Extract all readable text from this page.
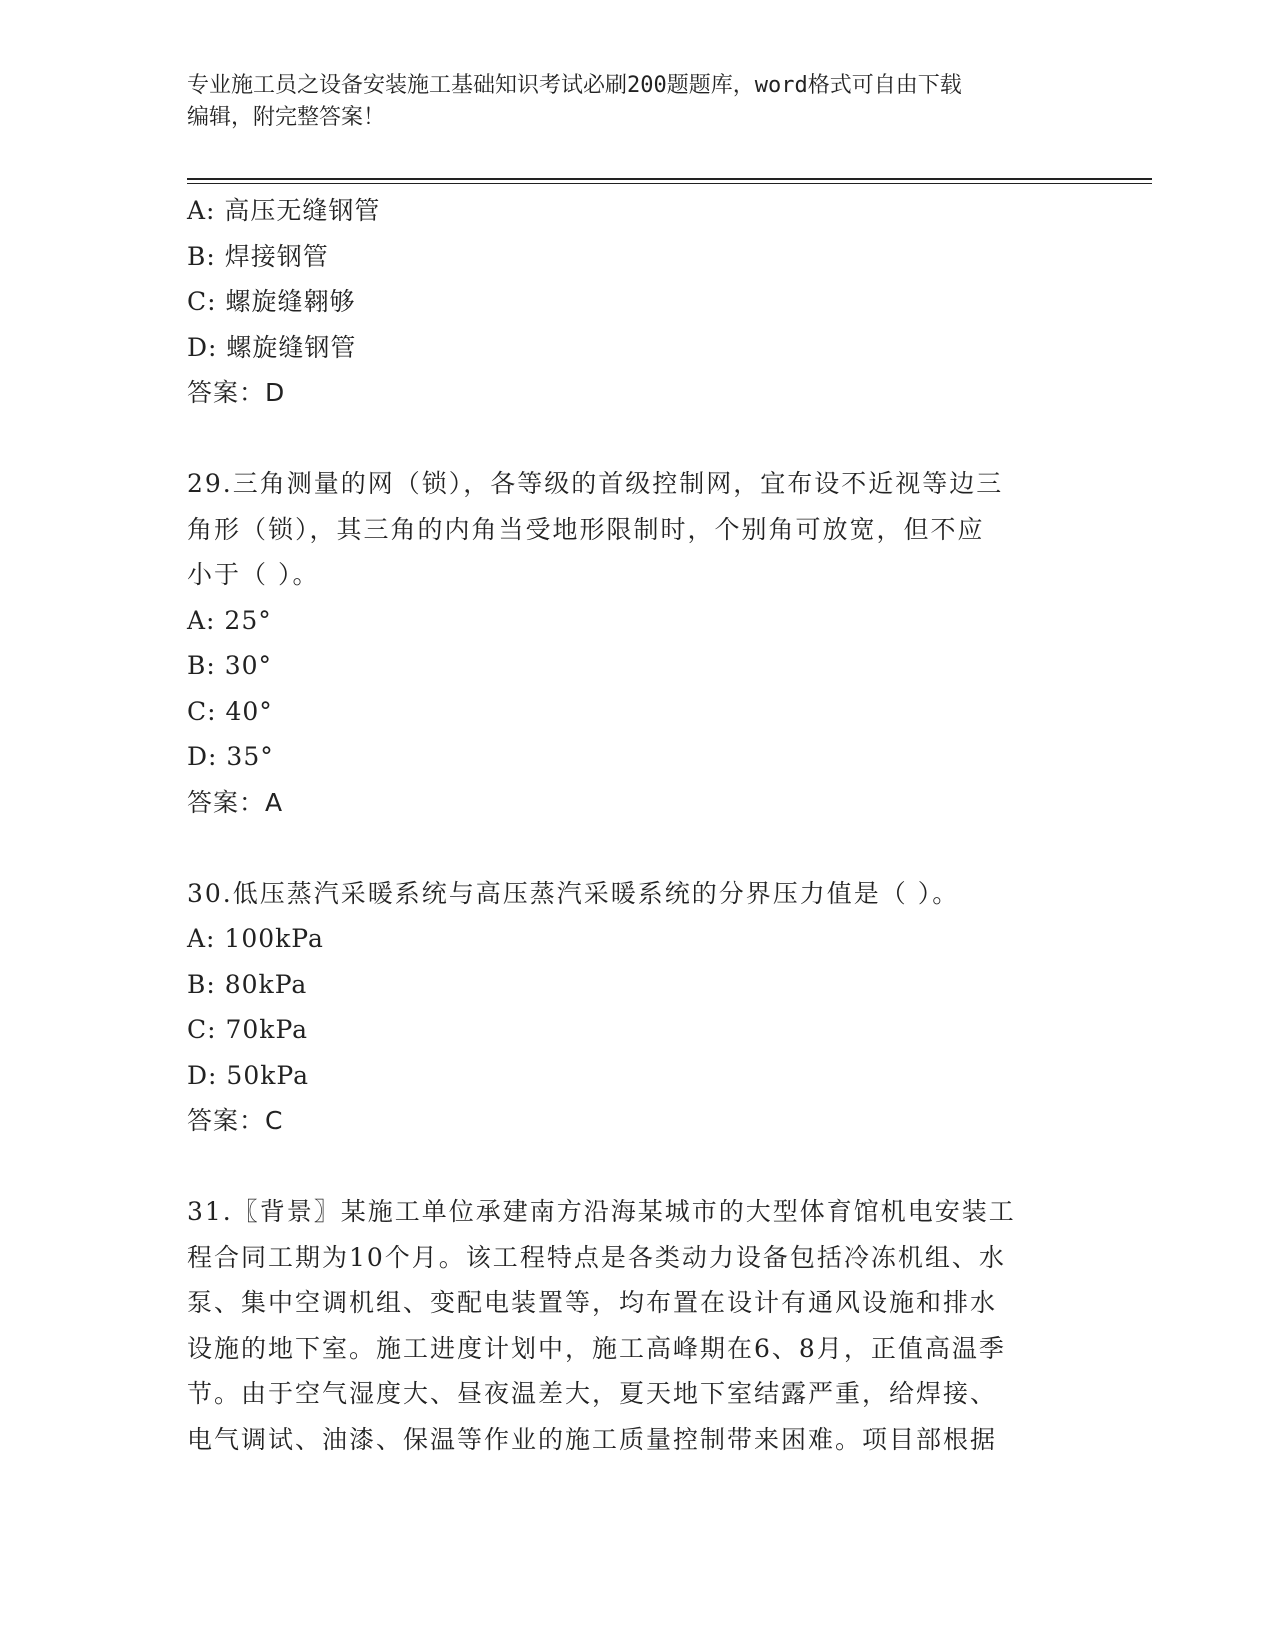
专业施工员之设备安装施工基础知识考试必刷200题题库，word格式可自由下载
编辑，附完整答案！
A: 高压无缝钢管
B: 焊接钢管
C: 螺旋缝翱够
D: 螺旋缝钢管
答案：D
29.三角测量的网（锁），各等级的首级控制网，宜布设不近视等边三
角形（锁），其三角的内角当受地形限制时，个别角可放宽，但不应
小于（ ）。
A: 25°
B: 30°
C: 40°
D: 35°
答案：A
30.低压蒸汽采暖系统与高压蒸汽采暖系统的分界压力值是（ ）。
A: 100kPa
B: 80kPa
C: 70kPa
D: 50kPa
答案：C
31.〖背景〗某施工单位承建南方沿海某城市的大型体育馆机电安装工
程合同工期为10个月。该工程特点是各类动力设备包括冷冻机组、水
泵、集中空调机组、变配电装置等，均布置在设计有通风设施和排水
设施的地下室。施工进度计划中，施工高峰期在6、8月，正值高温季
节。由于空气湿度大、昼夜温差大，夏天地下室结露严重，给焊接、
电气调试、油漆、保温等作业的施工质量控制带来困难。项目部根据
